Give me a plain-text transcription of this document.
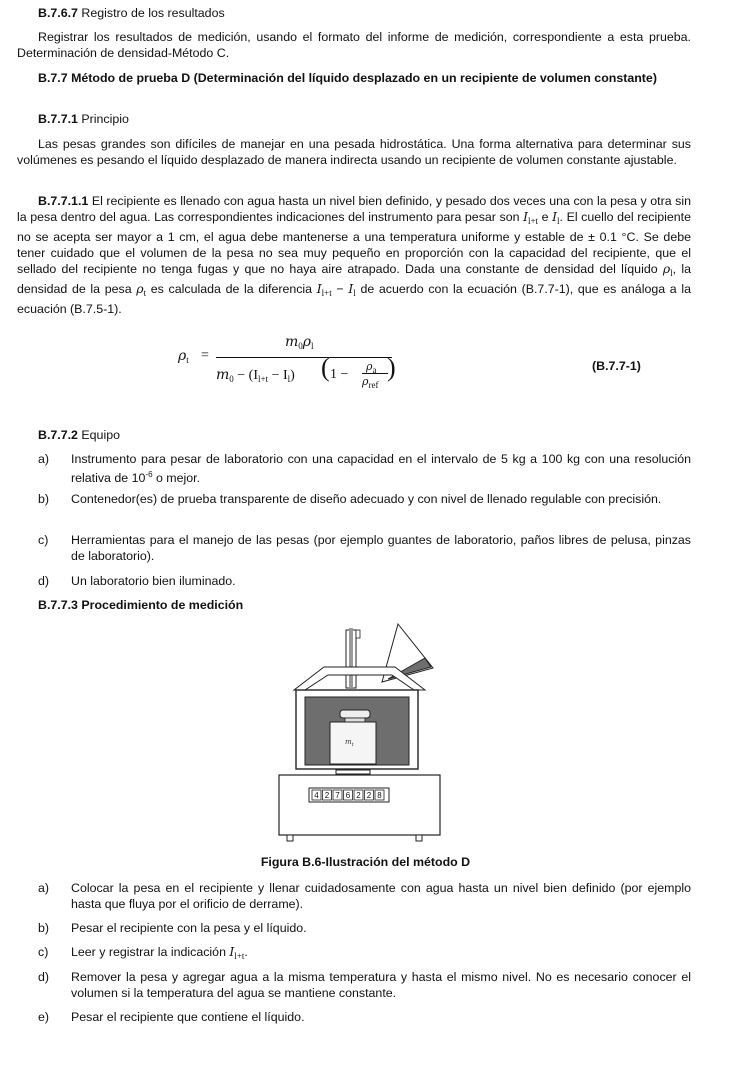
B.7.6.7 Registro de los resultados

Registrar los resultados de medición, usando el formato del informe de medición, correspondiente a esta prueba. Determinación de densidad-Método C.

B.7.7 Método de prueba D (Determinación del líquido desplazado en un recipiente de volumen constante)

B.7.7.1 Principio

Las pesas grandes son difíciles de manejar en una pesada hidrostática. Una forma alternativa para determinar sus volúmenes es pesando el líquido desplazado de manera indirecta usando un recipiente de volumen constante ajustable.

B.7.7.1.1 El recipiente es llenado con agua hasta un nivel bien definido, y pesado dos veces una con la pesa y otra sin la pesa dentro del agua. Las correspondientes indicaciones del instrumento para pesar son $I_{l+t}$ e $I_l$. El cuello del recipiente no se acepta ser mayor a 1 cm, el agua debe mantenerse a una temperatura uniforme y estable de ± 0.1 °C. Se debe tener cuidado que el volumen de la pesa no sea muy pequeño en proporción con la capacidad del recipiente, que el sellado del recipiente no tenga fugas y que no haya aire atrapado. Dada una constante de densidad del líquido $\rho_l$, la densidad de la pesa $\rho_t$ es calculada de la diferencia $I_{l+t} - I_l$ de acuerdo con la ecuación (B.7.7-1), que es análoga a la ecuación (B.7.5-1).

$\rho_t$ =
$m_0\rho_l$
$m_0 - (I_{l+t} - I_l)$ ( 1 −
$\rho_a$
$\rho_{ref}$
)	(B.7.7-1)

B.7.7.2 Equipo

a)	Instrumento para pesar de laboratorio con una capacidad en el intervalo de 5 kg a 100 kg con una resolución relativa de $10^{-6}$ o mejor.
b)	Contenedor(es) de prueba transparente de diseño adecuado y con nivel de llenado regulable con precisión.
c)	Herramientas para el manejo de las pesas (por ejemplo guantes de laboratorio, paños libres de pelusa, pinzas de laboratorio).
d)	Un laboratorio bien iluminado.

B.7.7.3 Procedimiento de medición

$m_t$
4 2 7 6 2 2 8
Figura B.6-Ilustración del método D
a)	Colocar la pesa en el recipiente y llenar cuidadosamente con agua hasta un nivel bien definido (por ejemplo hasta que fluya por el orificio de derrame).
b)	Pesar el recipiente con la pesa y el líquido.
c)	Leer y registrar la indicación $I_{l+t}$.
d)	Remover la pesa y agregar agua a la misma temperatura y hasta el mismo nivel. No es necesario conocer el volumen si la temperatura del agua se mantiene constante.
e)	Pesar el recipiente que contiene el líquido.
